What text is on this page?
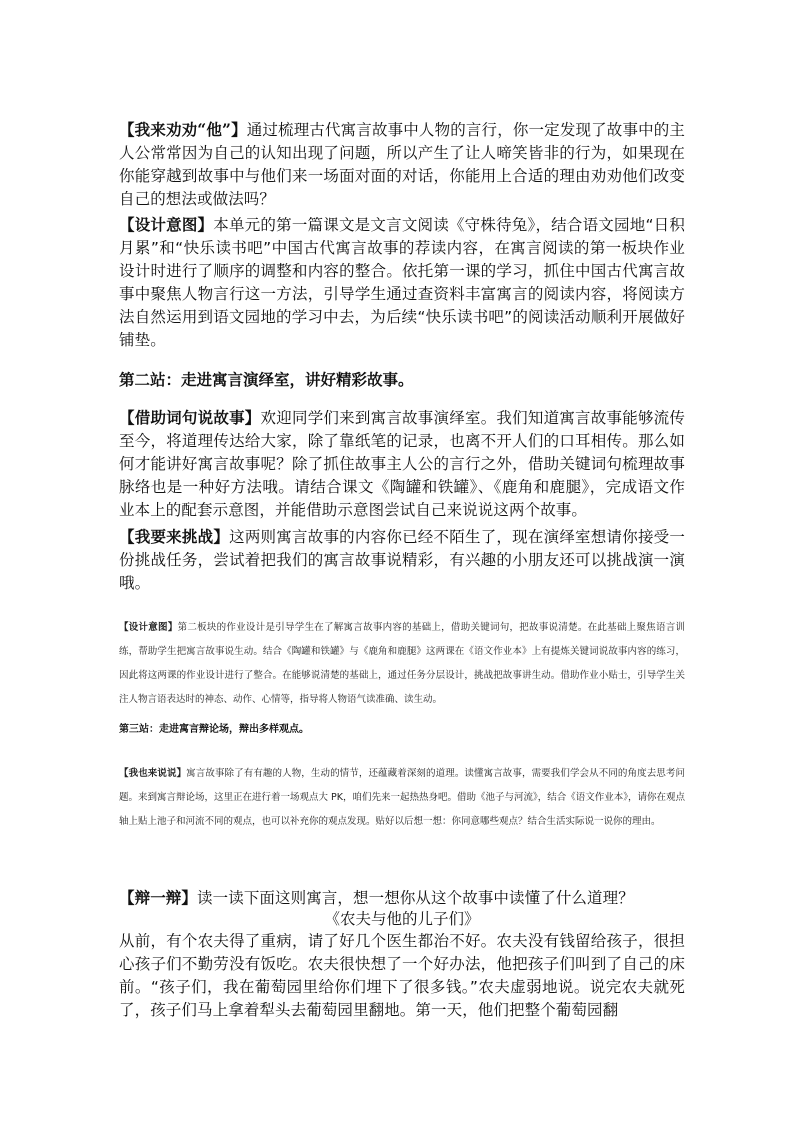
【我来劝劝“他”】通过梳理古代寓言故事中人物的言行，你一定发现了故事中的主人公常常因为自己的认知出现了问题，所以产生了让人啼笑皆非的行为，如果现在你能穿越到故事中与他们来一场面对面的对话，你能用上合适的理由劝劝他们改变自己的想法或做法吗？

【设计意图】本单元的第一篇课文是文言文阅读《守株待兔》，结合语文园地“日积月累”和“快乐读书吧”中国古代寓言故事的荐读内容，在寓言阅读的第一板块作业设计时进行了顺序的调整和内容的整合。依托第一课的学习，抓住中国古代寓言故事中聚焦人物言行这一方法，引导学生通过查资料丰富寓言的阅读内容，将阅读方法自然运用到语文园地的学习中去，为后续“快乐读书吧”的阅读活动顺利开展做好铺垫。

第二站：走进寓言演绎室，讲好精彩故事。

【借助词句说故事】欢迎同学们来到寓言故事演绎室。我们知道寓言故事能够流传至今，将道理传达给大家，除了靠纸笔的记录，也离不开人们的口耳相传。那么如何才能讲好寓言故事呢？除了抓住故事主人公的言行之外，借助关键词句梳理故事脉络也是一种好方法哦。请结合课文《陶罐和铁罐》、《鹿角和鹿腿》，完成语文作业本上的配套示意图，并能借助示意图尝试自己来说说这两个故事。

【我要来挑战】这两则寓言故事的内容你已经不陌生了，现在演绎室想请你接受一份挑战任务，尝试着把我们的寓言故事说精彩，有兴趣的小朋友还可以挑战演一演哦。

【设计意图】第二板块的作业设计是引导学生在了解寓言故事内容的基础上，借助关键词句，把故事说清楚。在此基础上聚焦语言训练，帮助学生把寓言故事说生动。结合《陶罐和铁罐》与《鹿角和鹿腿》这两课在《语文作业本》上有提炼关键词说故事内容的练习，因此将这两课的作业设计进行了整合。在能够说清楚的基础上，通过任务分层设计，挑战把故事讲生动。借助作业小贴士，引导学生关注人物言语表达时的神态、动作、心情等，指导将人物语气读准确、读生动。

第三站：走进寓言辩论场，辩出多样观点。

【我也来说说】寓言故事除了有有趣的人物，生动的情节，还蕴藏着深刻的道理。读懂寓言故事，需要我们学会从不同的角度去思考问题。来到寓言辩论场，这里正在进行着一场观点大 PK，咱们先来一起热热身吧。借助《池子与河流》，结合《语文作业本》，请你在观点轴上贴上池子和河流不同的观点，也可以补充你的观点发现。贴好以后想一想：你同意哪些观点？结合生活实际说一说你的理由。

【辩一辩】读一读下面这则寓言，想一想你从这个故事中读懂了什么道理？

《农夫与他的儿子们》

从前，有个农夫得了重病，请了好几个医生都治不好。农夫没有钱留给孩子，很担心孩子们不勤劳没有饭吃。农夫很快想了一个好办法，他把孩子们叫到了自己的床前。“孩子们，我在葡萄园里给你们埋下了很多钱。”农夫虚弱地说。说完农夫就死了，孩子们马上拿着犁头去葡萄园里翻地。第一天，他们把整个葡萄园翻
